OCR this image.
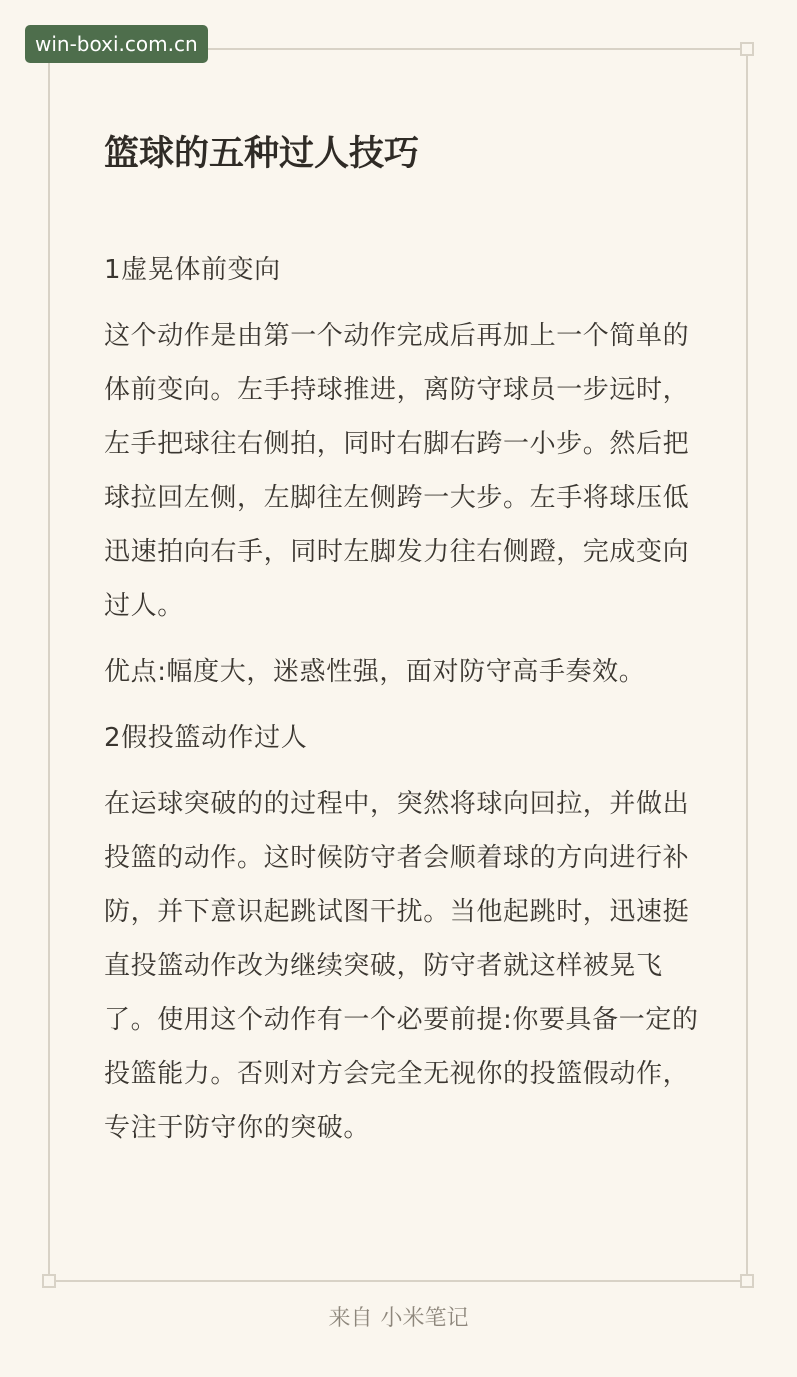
win-boxi.com.cn
篮球的五种过人技巧

1虚晃体前变向

这个动作是由第一个动作完成后再加上一个简单的体前变向。左手持球推进，离防守球员一步远时，左手把球往右侧拍，同时右脚右跨一小步。然后把球拉回左侧，左脚往左侧跨一大步。左手将球压低迅速拍向右手，同时左脚发力往右侧蹬，完成变向过人。

优点:幅度大，迷惑性强，面对防守高手奏效。

2假投篮动作过人

在运球突破的的过程中，突然将球向回拉，并做出投篮的动作。这时候防守者会顺着球的方向进行补防，并下意识起跳试图干扰。当他起跳时，迅速挺直投篮动作改为继续突破，防守者就这样被晃飞了。使用这个动作有一个必要前提:你要具备一定的投篮能力。否则对方会完全无视你的投篮假动作，专注于防守你的突破。

来自 小米笔记
